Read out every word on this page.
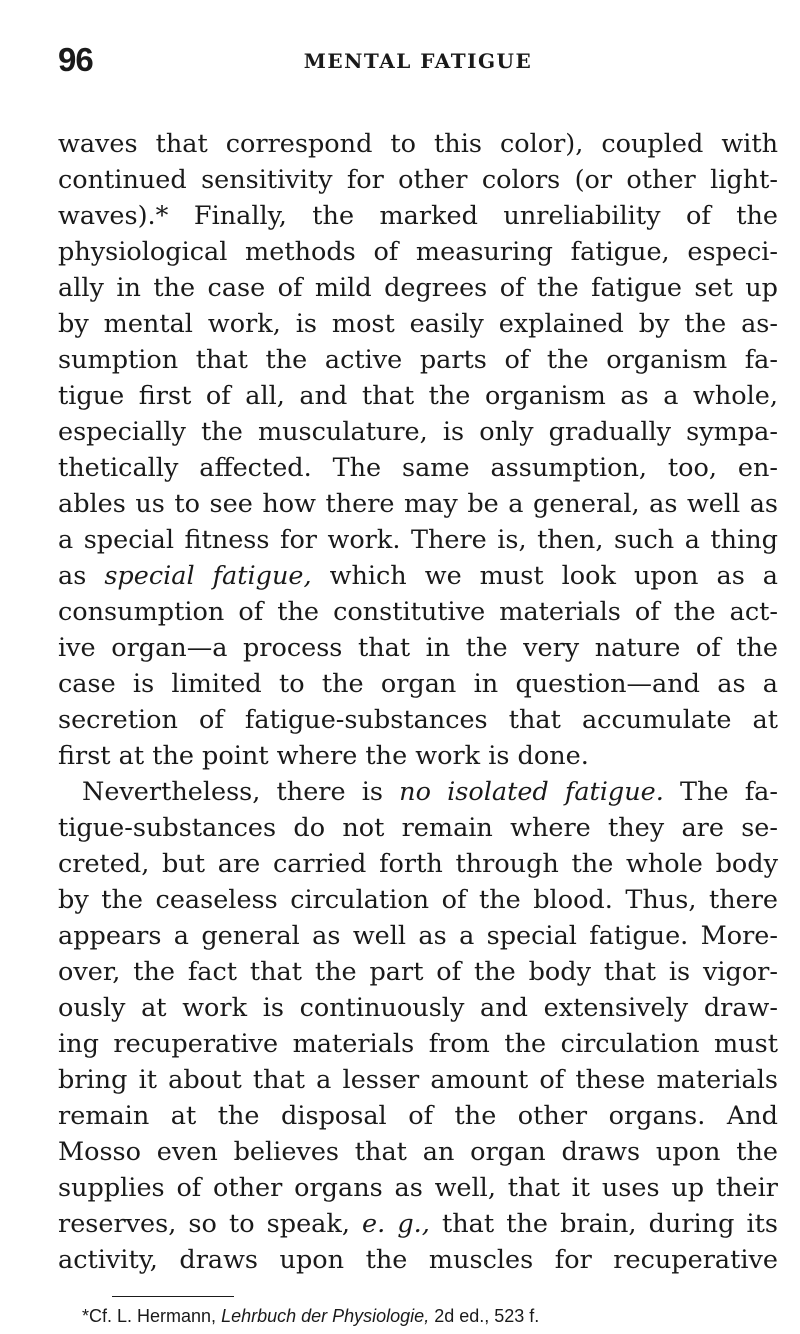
96	MENTAL FATIGUE
waves that correspond to this color), coupled with
continued sensitivity for other colors (or other light-
waves).* Finally, the marked unreliability of the
physiological methods of measuring fatigue, especi-
ally in the case of mild degrees of the fatigue set up
by mental work, is most easily explained by the as-
sumption that the active parts of the organism fa-
tigue first of all, and that the organism as a whole,
especially the musculature, is only gradually sympa-
thetically affected. The same assumption, too, en-
ables us to see how there may be a general, as well as
a special fitness for work. There is, then, such a thing
as special fatigue, which we must look upon as a
consumption of the constitutive materials of the act-
ive organ—a process that in the very nature of the
case is limited to the organ in question—and as a
secretion of fatigue-substances that accumulate at
first at the point where the work is done.
Nevertheless, there is no isolated fatigue. The fa-
tigue-substances do not remain where they are se-
creted, but are carried forth through the whole body
by the ceaseless circulation of the blood. Thus, there
appears a general as well as a special fatigue. More-
over, the fact that the part of the body that is vigor-
ously at work is continuously and extensively draw-
ing recuperative materials from the circulation must
bring it about that a lesser amount of these materials
remain at the disposal of the other organs. And
Mosso even believes that an organ draws upon the
supplies of other organs as well, that it uses up their
reserves, so to speak, e. g., that the brain, during its
activity, draws upon the muscles for recuperative
*Cf. L. Hermann, Lehrbuch der Physiologie, 2d ed., 523 f.
